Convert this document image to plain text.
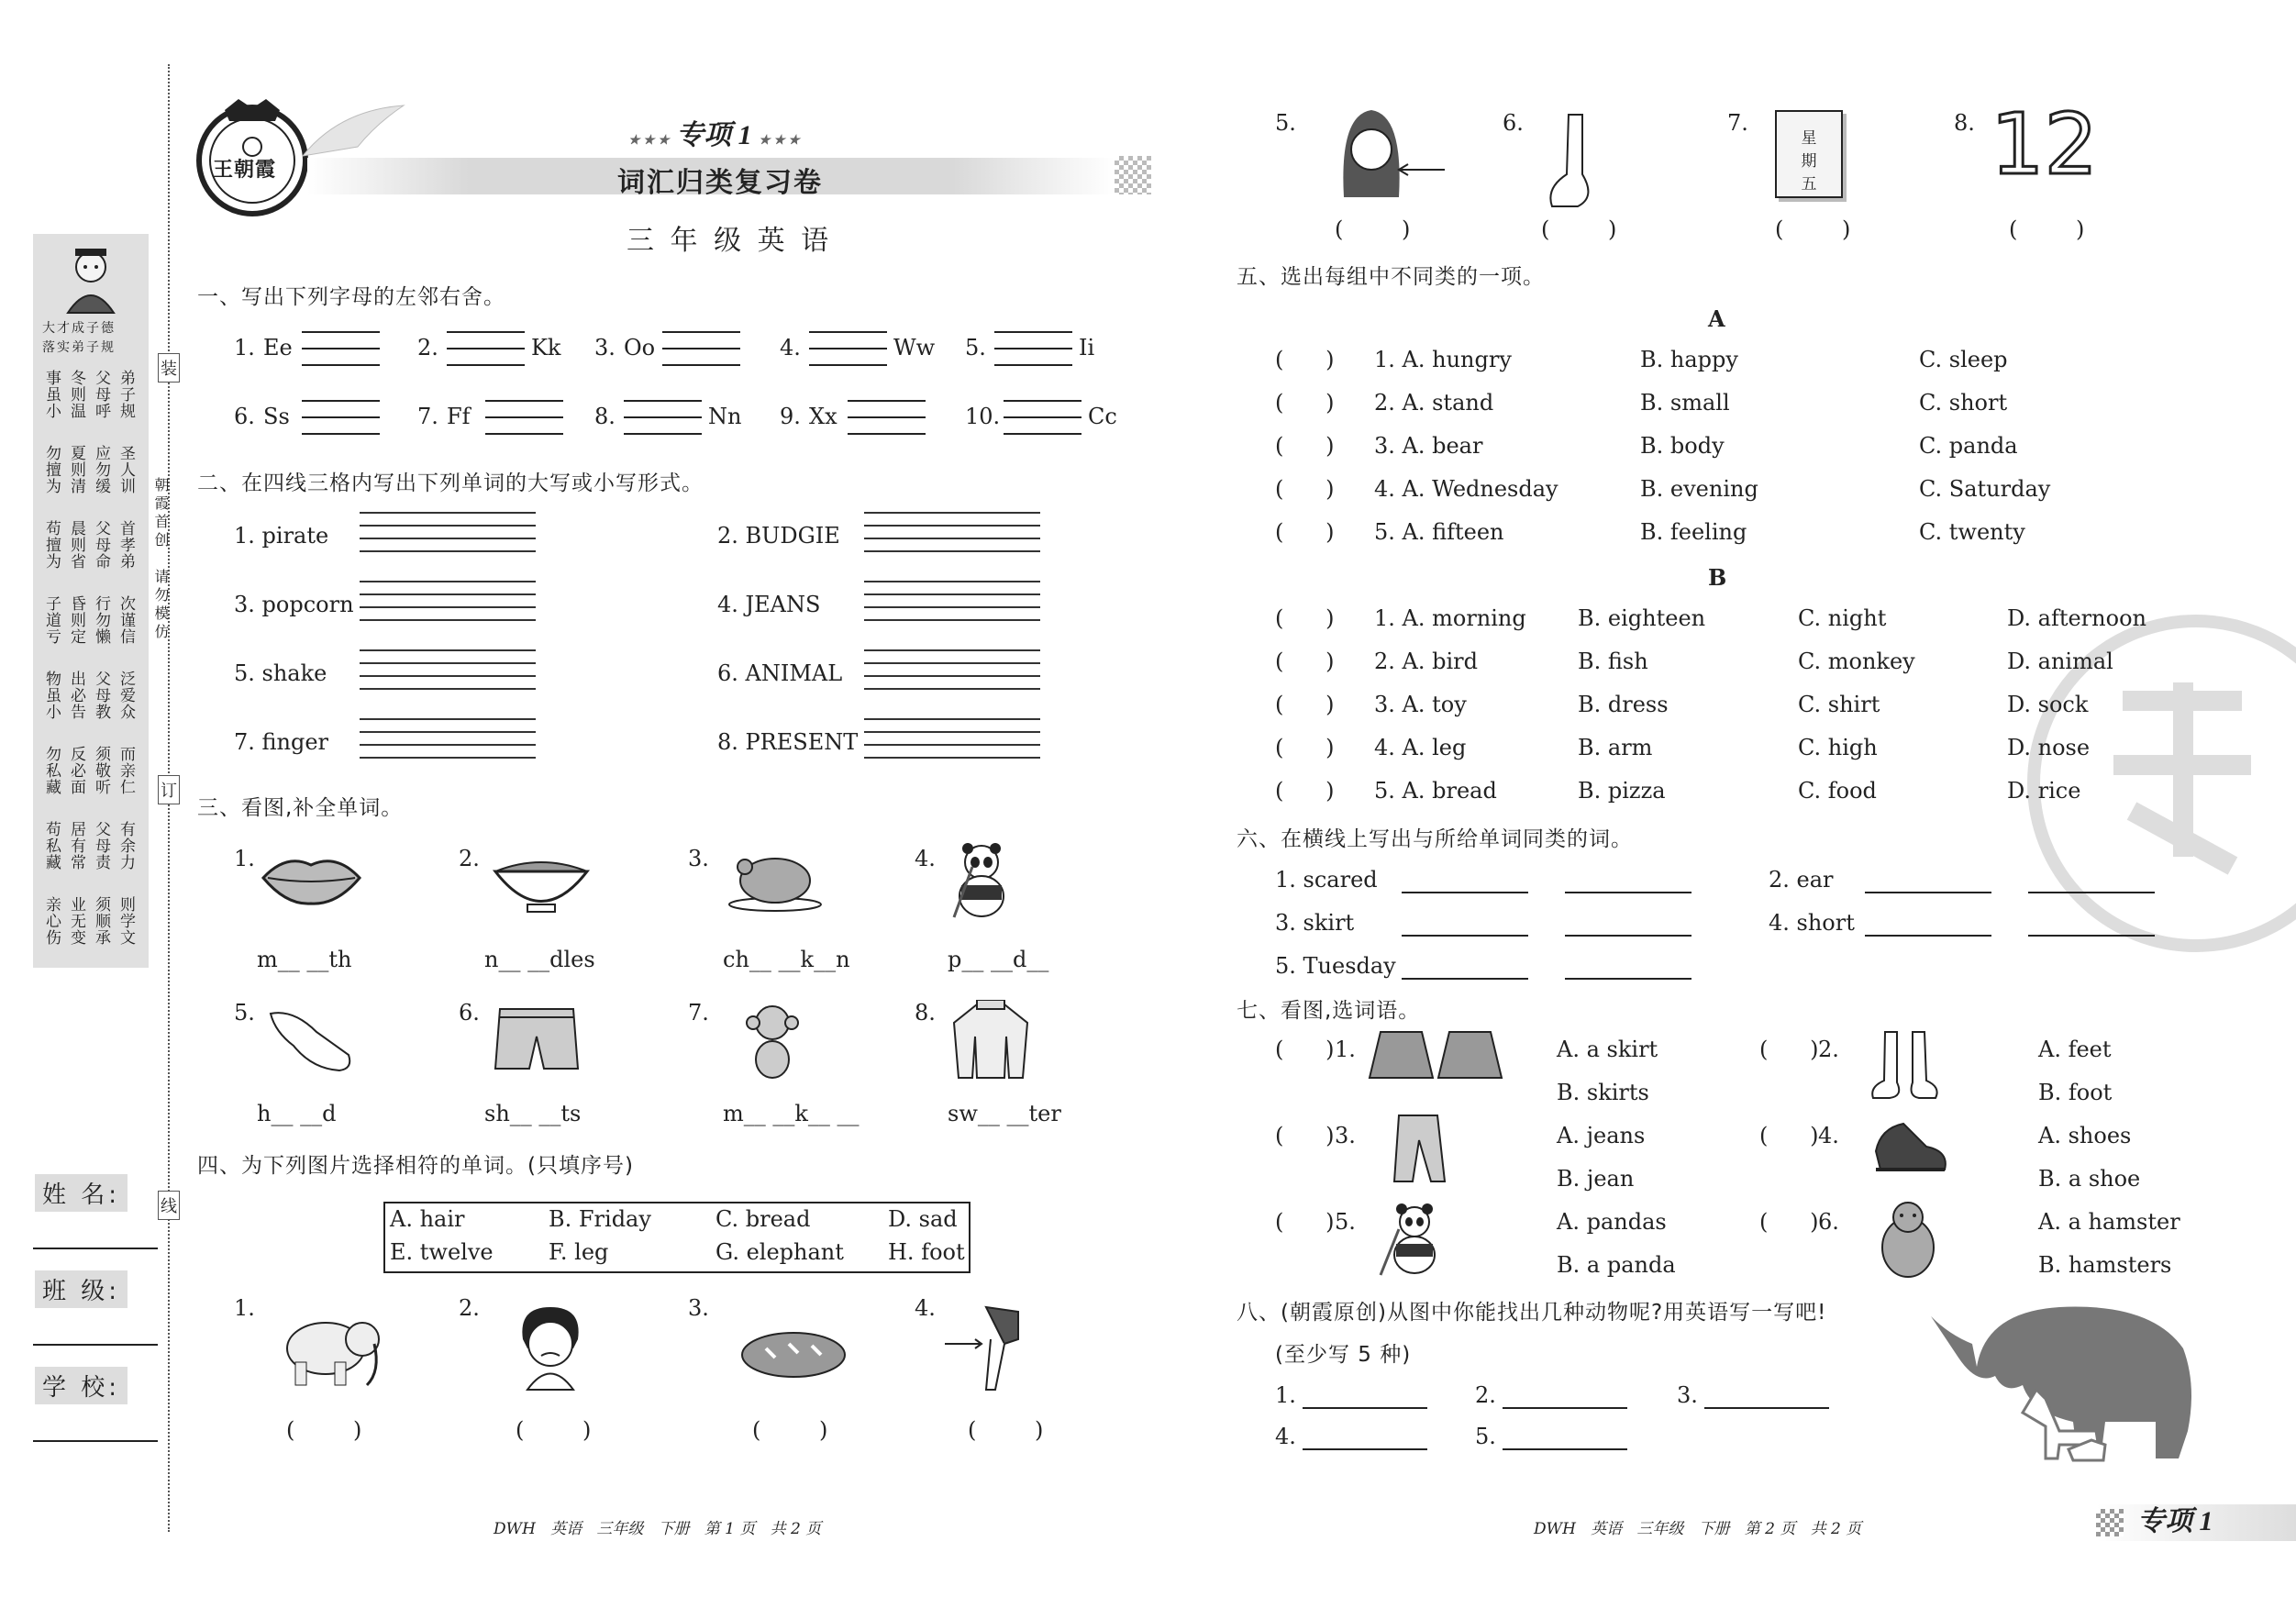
装
订
线
朝霞首创
请勿模仿
大才成子德
落实弟子规
事虽小 冬则温 父母呼 弟子规
勿擅为 夏则清 应勿缓 圣人训
苟擅为 晨则省 父母命 首孝弟
子道亏 昏则定 行勿懒 次谨信
物虽小 出必告 父母教 泛爱众
勿私藏 反必面 须敬听 而亲仁
苟私藏 居有常 父母责 有余力
亲心伤 业无变 须顺承 则学文
姓 名:
班 级:
学 校:
王朝霞
★ ★ ★ 专项 1 ★ ★ ★
词汇归类复习卷
三 年 级 英 语
一、写出下列字母的左邻右舍。
1. Ee	2.	Kk 3. Oo	4.	Ww 5.	Ii
6. Ss	7. Ff	8.	Nn 9. Xx	10.	Cc
二、在四线三格内写出下列单词的大写或小写形式。
1. pirate	2. BUDGIE
3. popcorn	4. JEANS
5. shake	6. ANIMAL
7. finger	8. PRESENT
三、看图,补全单词。
1.
m__ __th
2.
n__ __dles
3.
ch__ __k__n
4.
p__ __d__
5.
h__ __d
6.
sh__ __ts
7.
m__ __k__ __
8.
sw__ __ter
四、为下列图片选择相符的单词。(只填序号)
A. hair	B. Friday	C. bread	D. sad
E. twelve	F. leg	G. elephant H. foot
1.
( )
2.
( )
3.
( )
4.
( )
5.
( )
6.
( )
7.
星
期
五
( )
8. 12
( )
五、选出每组中不同类的一项。
A
B
(      ) 1. A. hungry	B. happy	C. sleep
(      ) 2. A. stand	B. small	C. short
(      ) 3. A. bear	B. body	C. panda
(      ) 4. A. Wednesday	B. evening	C. Saturday
(      ) 5. A. fifteen	B. feeling	C. twenty
(      ) 1. A. morning B. eighteen	C. night	D. afternoon
(      ) 2. A. bird	B. fish	C. monkey	D. animal
(      ) 3. A. toy	B. dress	C. shirt	D. sock
(      ) 4. A. leg	B. arm	C. high	D. nose
(      ) 5. A. bread	B. pizza	C. food	D. rice
六、在横线上写出与所给单词同类的词。
1. scared	2. ear
3. skirt	4. short
5. Tuesday
七、看图,选词语。
(      ) 1.	A. a skirt
B. skirts
(      ) 2.	A. feet
B. foot
(      ) 3.	A. jeans
B. jean
(      ) 4.	A. shoes
B. a shoe
(      ) 5.	A. pandas
B. a panda
(      ) 6.	A. a hamster
B. hamsters
八、(朝霞原创)从图中你能找出几种动物呢?用英语写一写吧!
(至少写 5 种)
1.	2.	3.
4.	5.
DWH   英语   三年级   下册   第 1 页   共 2 页	DWH   英语   三年级   下册   第 2 页   共 2 页	专项 1
